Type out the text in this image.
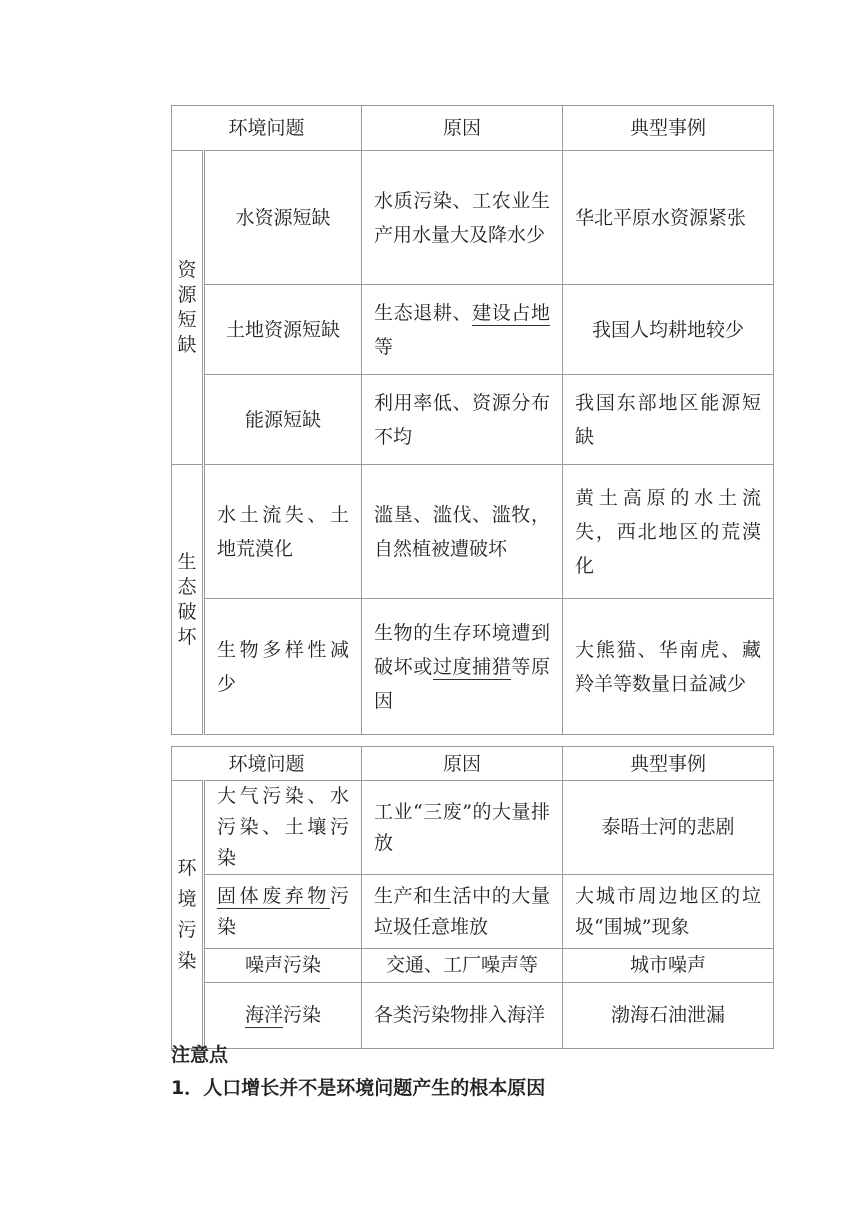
环境问题		原因	典型事例
资源短缺	水资源短缺	水质污染、工农业生产用水量大及降水少	华北平原水资源紧张
	土地资源短缺	生态退耕、建设占地等	我国人均耕地较少
	能源短缺	利用率低、资源分布不均	我国东部地区能源短缺
生态破坏	水土流失、土地荒漠化	滥垦、滥伐、滥牧，自然植被遭破坏	黄土高原的水土流失，西北地区的荒漠化
	生物多样性减少	生物的生存环境遭到破坏或过度捕猎等原因	大熊猫、华南虎、藏羚羊等数量日益减少
环境问题		原因	典型事例
环境污染	大气污染、水污染、土壤污染	工业“三废”的大量排放	泰晤士河的悲剧
	固体废弃物污染	生产和生活中的大量垃圾任意堆放	大城市周边地区的垃圾“围城”现象
	噪声污染	交通、工厂噪声等	城市噪声
	海洋污染	各类污染物排入海洋	渤海石油泄漏
注意点
1．人口增长并不是环境问题产生的根本原因
